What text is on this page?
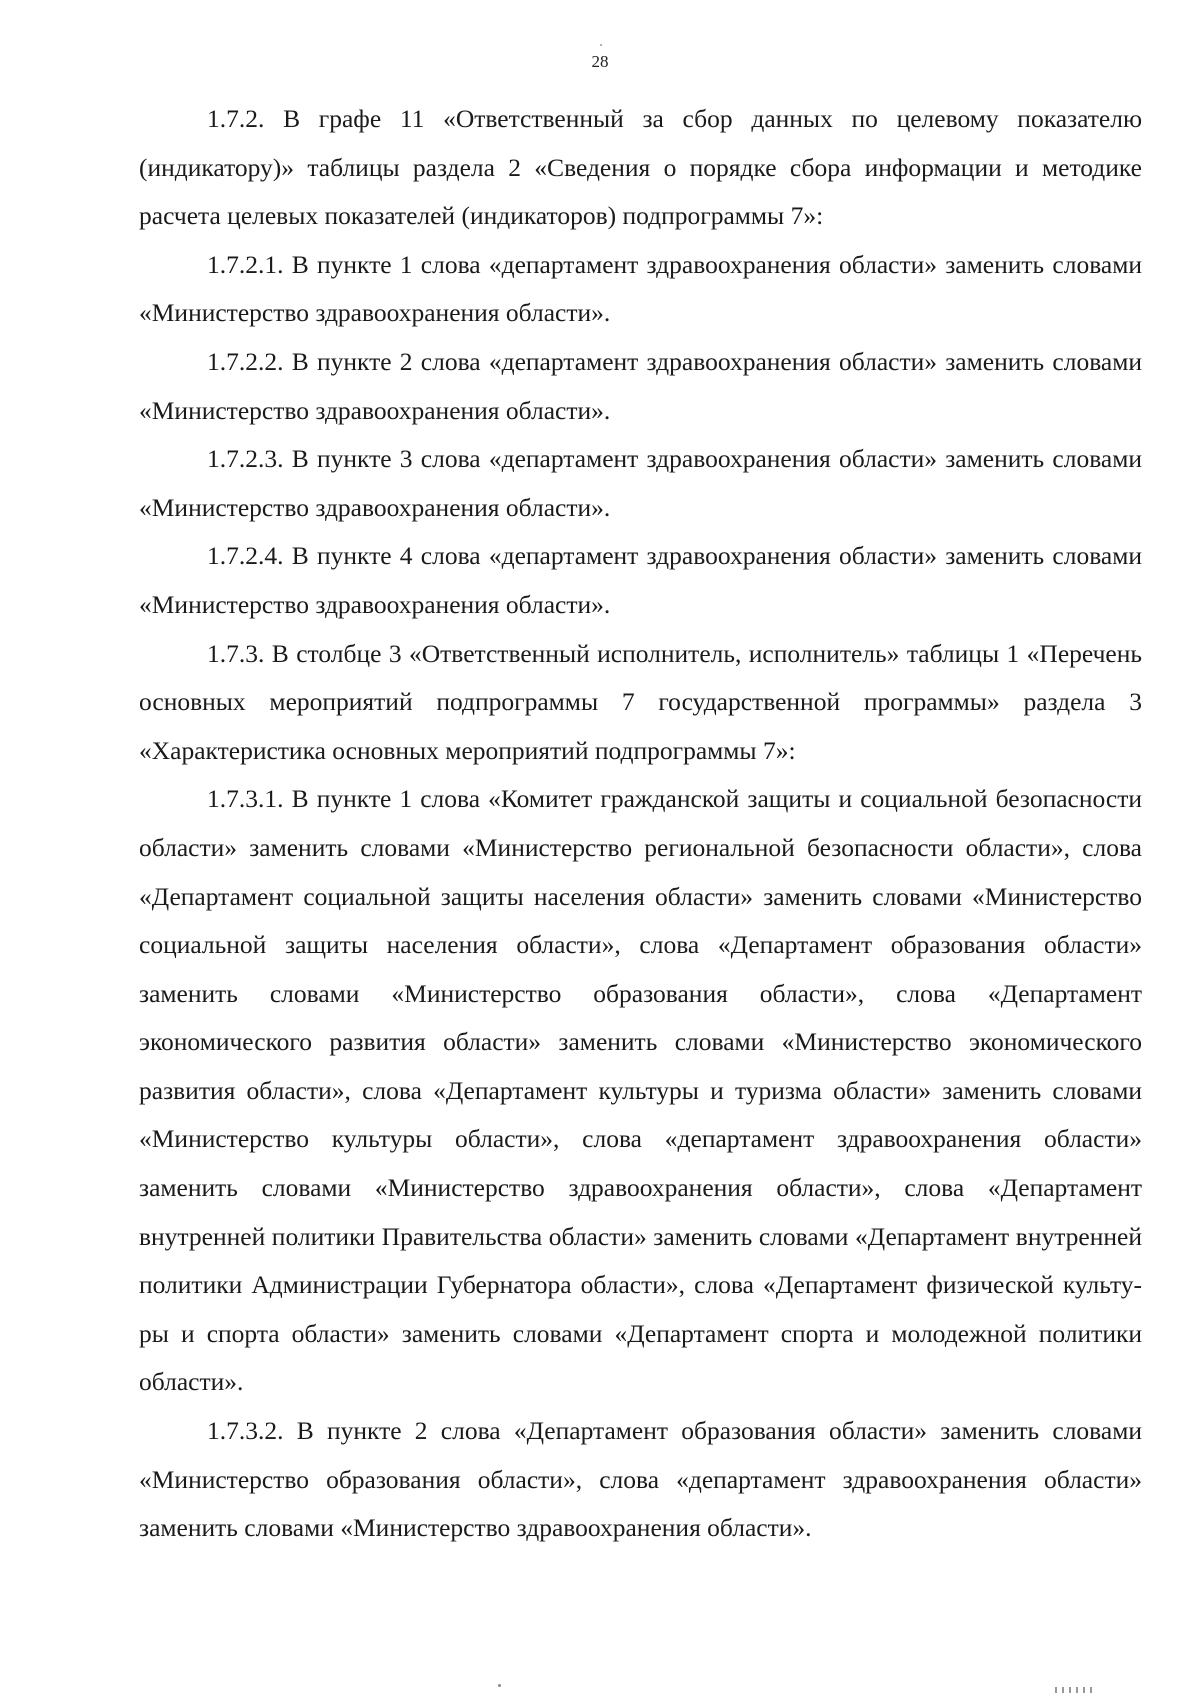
28

1.7.2. В графе 11 «Ответственный за сбор данных по целевому показателю (индикатору)» таблицы раздела 2 «Сведения о порядке сбора информации и методике расчета целевых показателей (индикаторов) подпрограммы 7»:

1.7.2.1. В пункте 1 слова «департамент здравоохранения области» заменить словами «Министерство здравоохранения области».

1.7.2.2. В пункте 2 слова «департамент здравоохранения области» заменить словами «Министерство здравоохранения области».

1.7.2.3. В пункте 3 слова «департамент здравоохранения области» заменить словами «Министерство здравоохранения области».

1.7.2.4. В пункте 4 слова «департамент здравоохранения области» заменить словами «Министерство здравоохранения области».

1.7.3. В столбце 3 «Ответственный исполнитель, исполнитель» таблицы 1 «Перечень основных мероприятий подпрограммы 7 государственной программы» раздела 3 «Характеристика основных мероприятий подпрограммы 7»:

1.7.3.1. В пункте 1 слова «Комитет гражданской защиты и социальной безопасности области» заменить словами «Министерство региональной безопасности области», слова «Департамент социальной защиты населения области» заменить словами «Министерство социальной защиты населения области», слова «Департамент образования области» заменить словами «Министерство образования области», слова «Департамент экономического развития области» заменить словами «Министерство экономического развития области», слова «Департамент культуры и туризма области» заменить словами «Министерство культуры области», слова «департамент здравоохранения области» заменить словами «Министерство здравоохранения области», слова «Департамент внутренней политики Правительства области» заменить словами «Департамент внутренней политики Администрации Губернатора области», слова «Департамент физической культуры и спорта области» заменить словами «Департамент спорта и молодежной политики области».

1.7.3.2. В пункте 2 слова «Департамент образования области» заменить словами «Министерство образования области», слова «департамент здравоохранения области» заменить словами «Министерство здравоохранения области».
